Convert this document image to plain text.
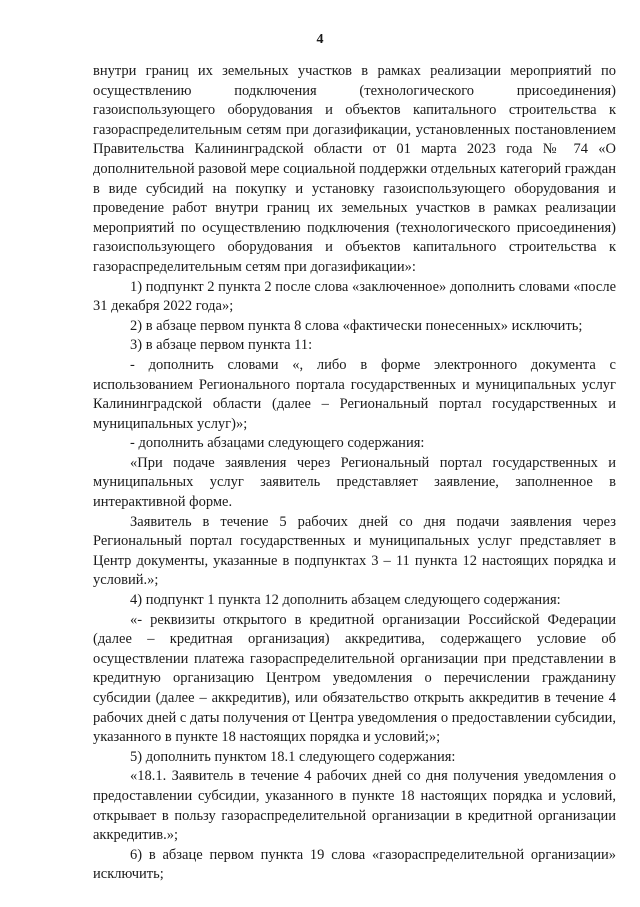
4

внутри границ их земельных участков в рамках реализации мероприятий по осуществлению подключения (технологического присоединения) газоиспользующего оборудования и объектов капитального строительства к газораспределительным сетям при догазификации, установленных постановлением Правительства Калининградской области от 01 марта 2023 года № 74 «О дополнительной разовой мере социальной поддержки отдельных категорий граждан в виде субсидий на покупку и установку газоиспользующего оборудования и проведение работ внутри границ их земельных участков в рамках реализации мероприятий по осуществлению подключения (технологического присоединения) газоиспользующего оборудования и объектов капитального строительства к газораспределительным сетям при догазификации»:

1) подпункт 2 пункта 2 после слова «заключенное» дополнить словами «после 31 декабря 2022 года»;

2) в абзаце первом пункта 8 слова «фактически понесенных» исключить;

3) в абзаце первом пункта 11:

- дополнить словами «, либо в форме электронного документа с использованием Регионального портала государственных и муниципальных услуг Калининградской области (далее – Региональный портал государственных и муниципальных услуг)»;

- дополнить абзацами следующего содержания:

«При подаче заявления через Региональный портал государственных и муниципальных услуг заявитель представляет заявление, заполненное в интерактивной форме.

Заявитель в течение 5 рабочих дней со дня подачи заявления через Региональный портал государственных и муниципальных услуг представляет в Центр документы, указанные в подпунктах 3 – 11 пункта 12 настоящих порядка и условий.»;

4) подпункт 1 пункта 12 дополнить абзацем следующего содержания:

«- реквизиты открытого в кредитной организации Российской Федерации (далее – кредитная организация) аккредитива, содержащего условие об осуществлении платежа газораспределительной организации при представлении в кредитную организацию Центром уведомления о перечислении гражданину субсидии (далее – аккредитив), или обязательство открыть аккредитив в течение 4 рабочих дней с даты получения от Центра уведомления о предоставлении субсидии, указанного в пункте 18 настоящих порядка и условий;»;

5) дополнить пунктом 18.1 следующего содержания:

«18.1. Заявитель в течение 4 рабочих дней со дня получения уведомления о предоставлении субсидии, указанного в пункте 18 настоящих порядка и условий, открывает в пользу газораспределительной организации в кредитной организации аккредитив.»;

6) в абзаце первом пункта 19 слова «газораспределительной организации» исключить;
